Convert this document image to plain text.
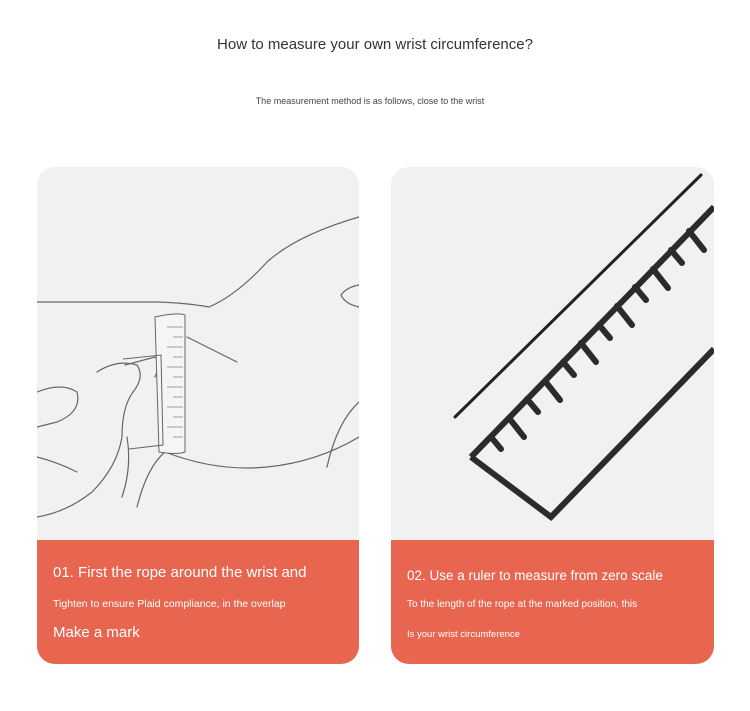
How to measure your own wrist circumference?
The measurement method is as follows, close to the wrist
01. First the rope around the wrist and
Tighten to ensure Plaid compliance, in the overlap
Make a mark
02. Use a ruler to measure from zero scale
To the length of the rope at the marked position, this
Is your wrist circumference
